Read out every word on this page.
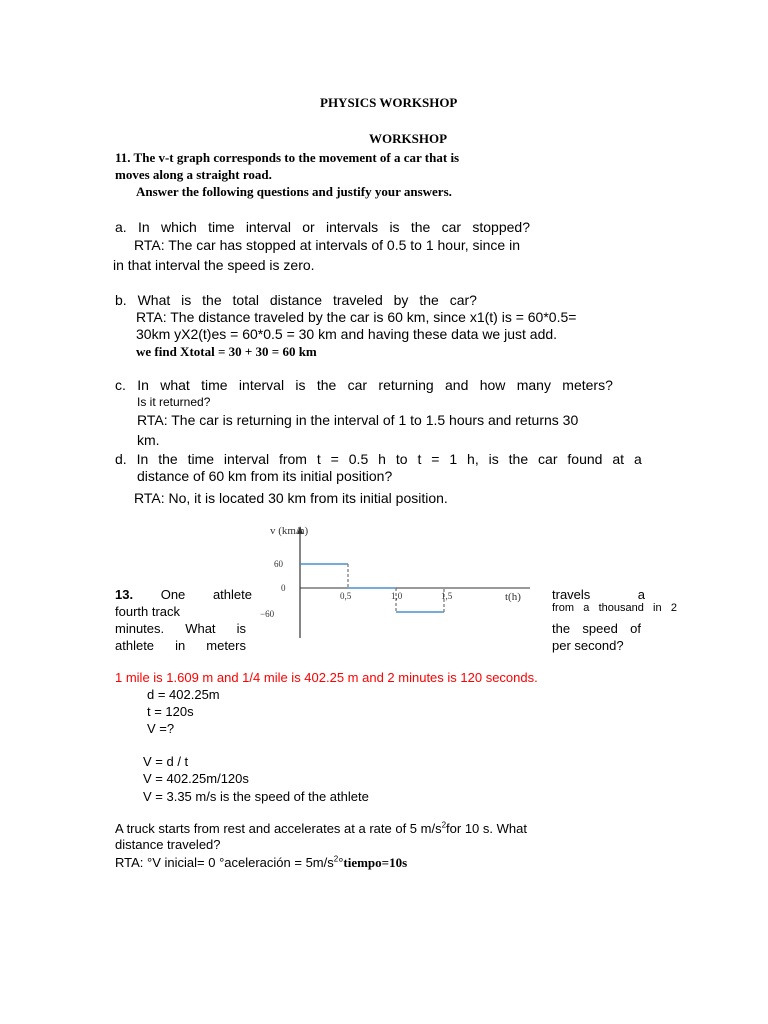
PHYSICS WORKSHOP
WORKSHOP
11. The v-t graph corresponds to the movement of a car that is
moves along a straight road.
Answer the following questions and justify your answers.
a. In which time interval or intervals is the car stopped?
RTA: The car has stopped at intervals of 0.5 to 1 hour, since in
in that interval the speed is zero.
b. What is the total distance traveled by the car?
RTA: The distance traveled by the car is 60 km, since x1(t) is = 60*0.5=
30km yX2(t)es = 60*0.5 = 30 km and having these data we just add.
we find Xtotal = 30 + 30 = 60 km
c. In what time interval is the car returning and how many meters?
Is it returned?
RTA: The car is returning in the interval of 1 to 1.5 hours and returns 30
km.
d. In the time interval from t = 0.5 h to t = 1 h, is the car found at a
distance of 60 km from its initial position?
RTA: No, it is located 30 km from its initial position.
v (km/h)
t(h)
60
0
−60
0,5	1,0	1,5
13. One athlete
fourth track
minutes. What is
athlete in meters
travels	a
from a thousand in 2
the speed of
per second?
1 mile is 1.609 m and 1/4 mile is 402.25 m and 2 minutes is 120 seconds.
d = 402.25m
t = 120s
V =?
V = d / t
V = 402.25m/120s
V = 3.35 m/s is the speed of the athlete
A truck starts from rest and accelerates at a rate of 5 $m/s^2for$ 10 s. What
distance traveled?
RTA: °V inicial= 0 °aceleración = $5m/s^2^\circ tiempo=10s$
